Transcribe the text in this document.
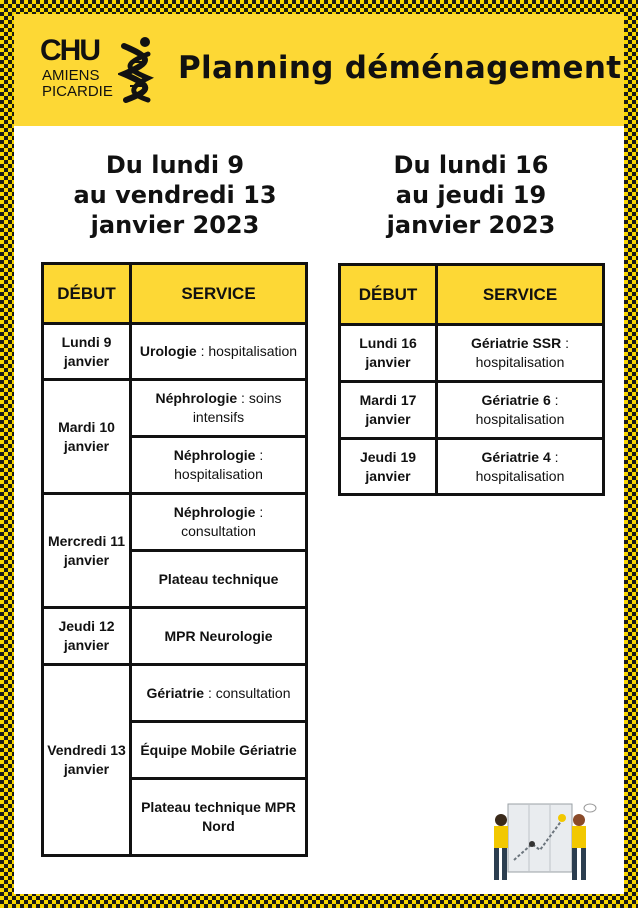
CHU
AMIENS
PICARDIE
Planning déménagement
Du lundi 9
au vendredi 13
janvier 2023
Du lundi 16
au jeudi 19
janvier 2023
DÉBUT	SERVICE
Lundi 9 janvier	Urologie : hospitalisation
Mardi 10 janvier	Néphrologie : soins intensifs
	Néphrologie : hospitalisation
Mercredi 11 janvier	Néphrologie : consultation
	Plateau technique
Jeudi 12 janvier	MPR Neurologie
Vendredi 13 janvier	Gériatrie : consultation
	Équipe Mobile Gériatrie
	Plateau technique MPR Nord
DÉBUT	SERVICE
Lundi 16 janvier	Gériatrie SSR : hospitalisation
Mardi 17 janvier	Gériatrie 6 : hospitalisation
Jeudi 19 janvier	Gériatrie 4 : hospitalisation
